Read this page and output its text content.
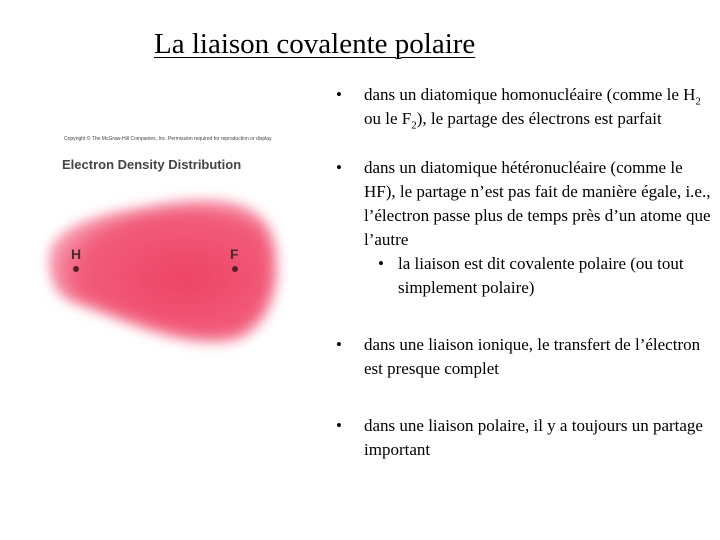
La liaison covalente polaire
Copyright © The McGraw-Hill Companies, Inc. Permission required for reproduction or display.
Electron Density Distribution
H	F
• dans un diatomique homonucléaire (comme le $H_2$ ou le $F_2$), le partage des électrons est parfait
• dans un diatomique hétéronucléaire (comme le HF), le partage n’est pas fait de manière égale, i.e., l’électron passe plus de temps près d’un atome que l’autre
• la liaison est dit covalente polaire (ou tout simplement polaire)
• dans une liaison ionique, le transfert de l’électron est presque complet
• dans une liaison polaire, il y a toujours un partage important
